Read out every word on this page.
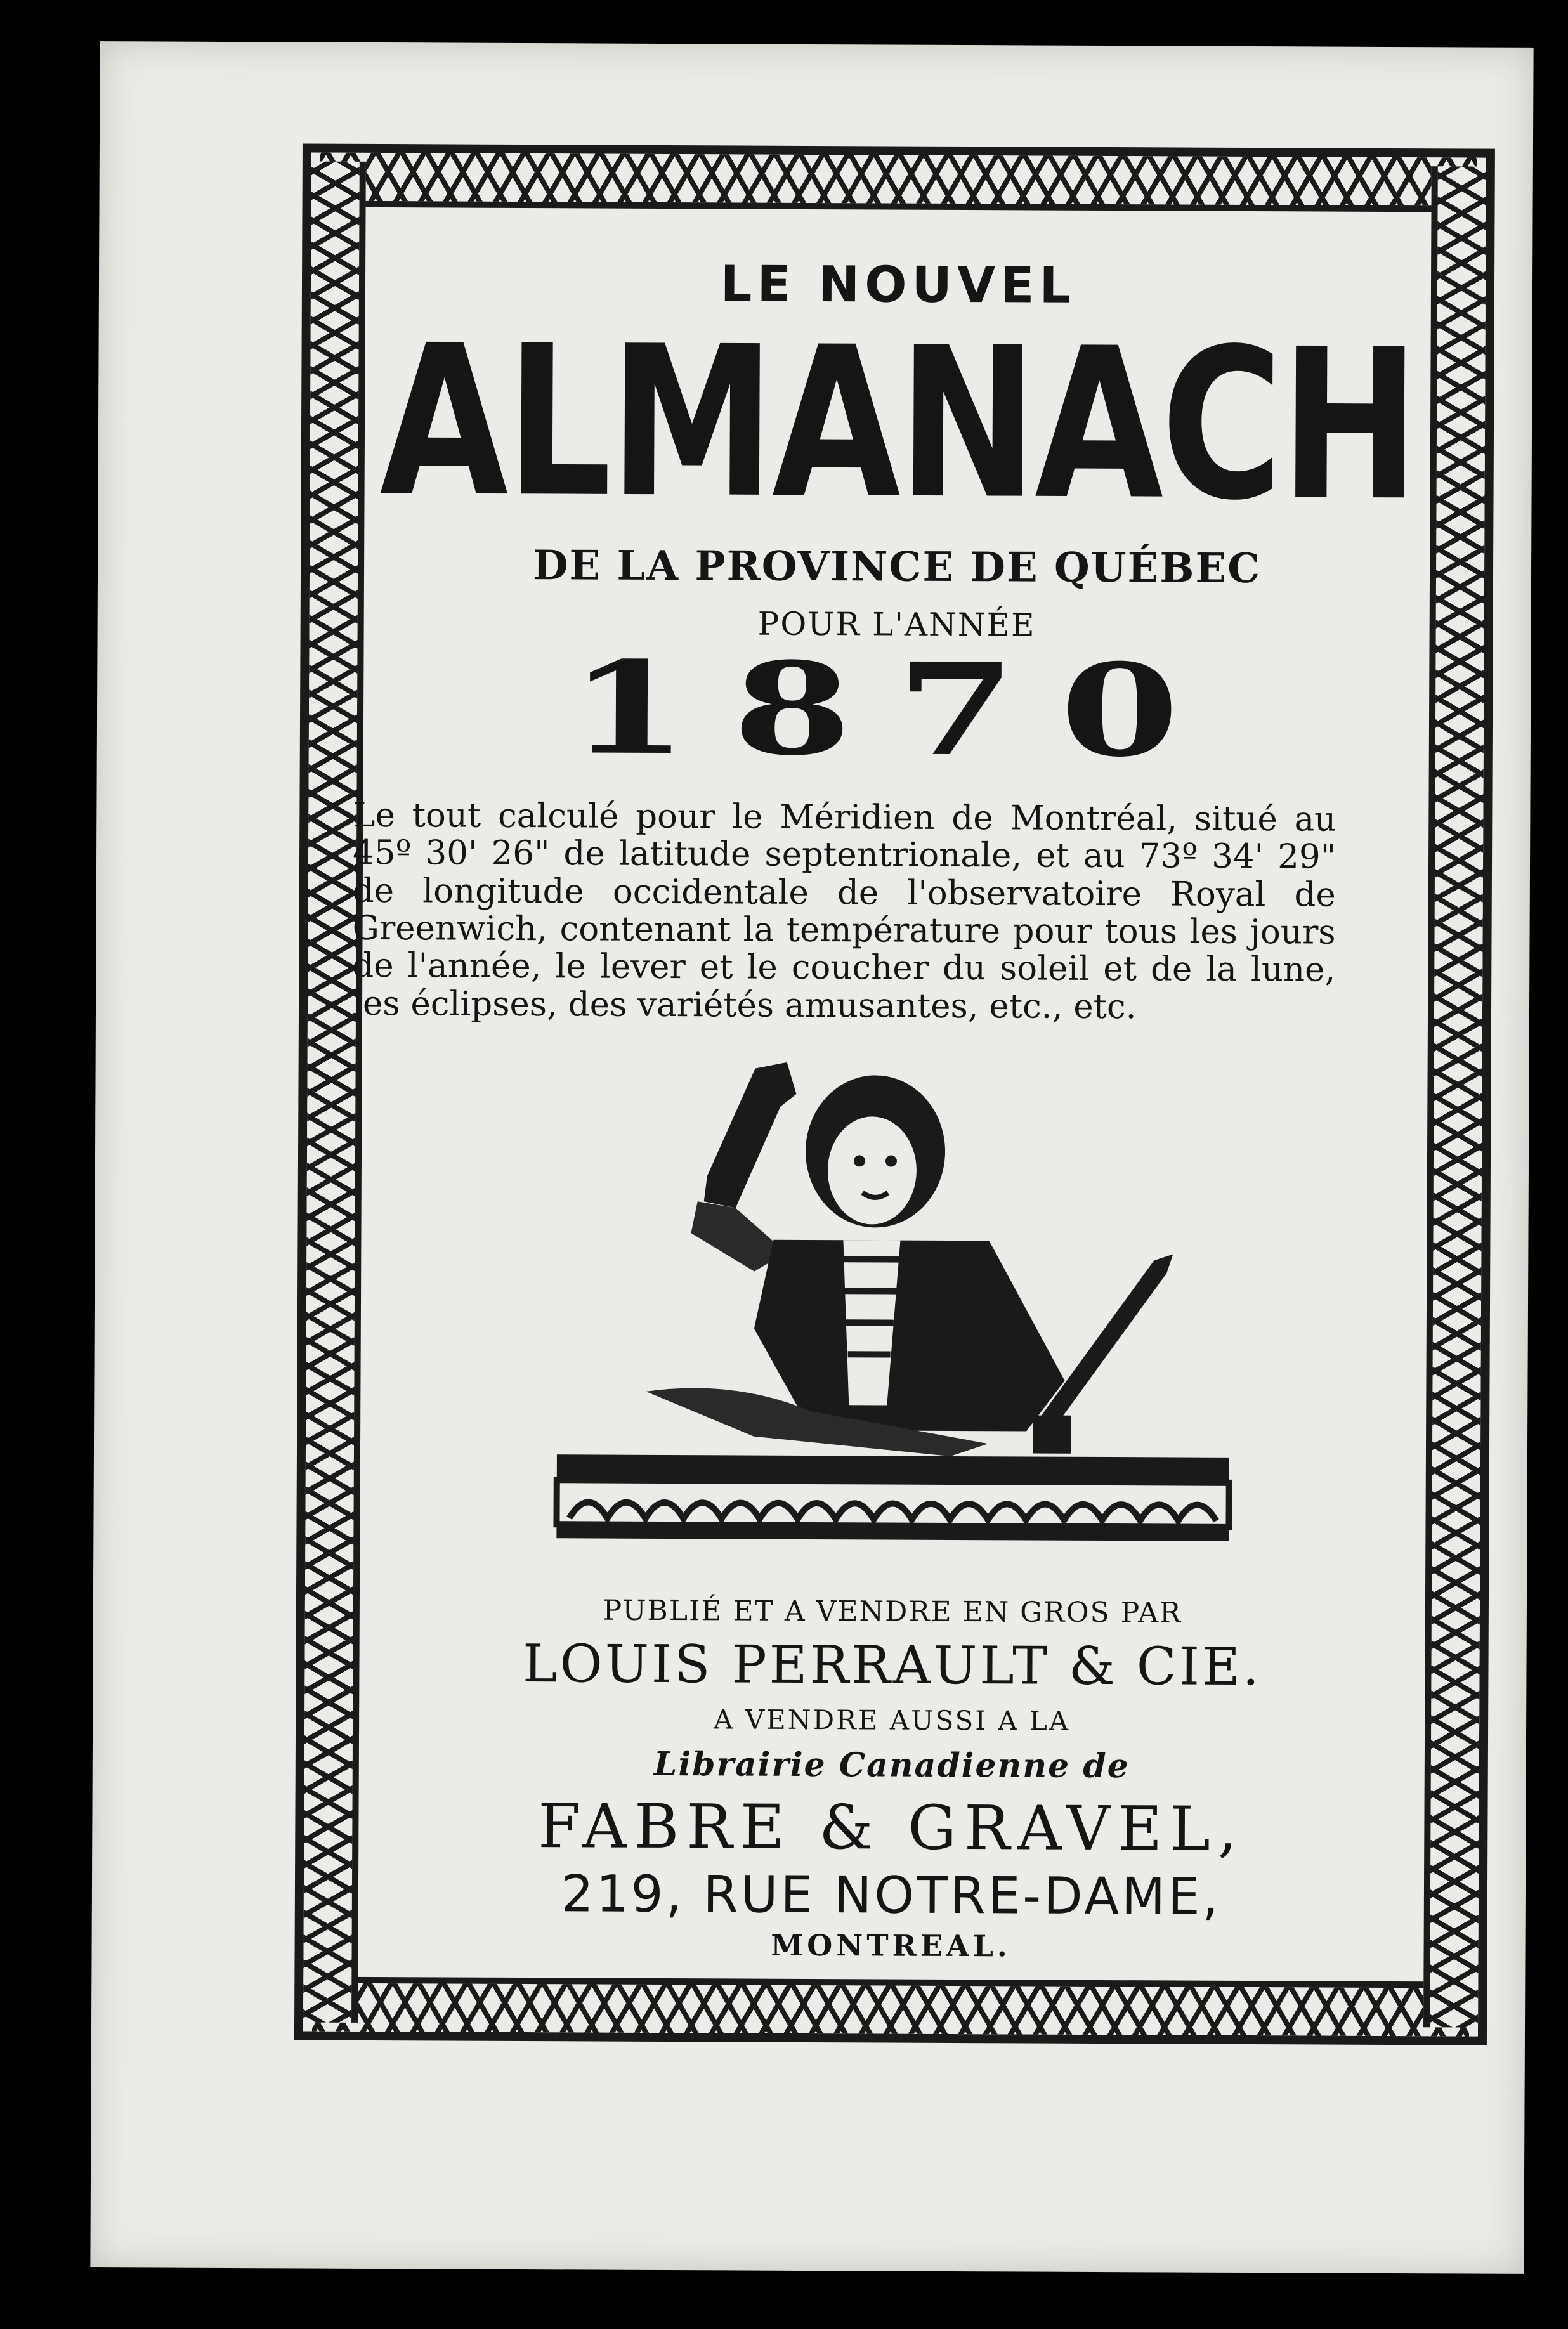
LE NOUVEL
ALMANACH
DE LA PROVINCE DE QUÉBEC
POUR L'ANNÉE
1870
Le tout calculé pour le Méridien de Montréal, situé au 45º 30' 26" de latitude septentrionale, et au 73º 34' 29" de longitude occidentale de l'observatoire Royal de Greenwich, contenant la température pour tous les jours de l'année, le lever et le coucher du soleil et de la lune, les éclipses, des variétés amusantes, etc., etc.
PUBLIÉ ET A VENDRE EN GROS PAR
LOUIS PERRAULT & CIE.
A VENDRE AUSSI A LA
Librairie Canadienne de
FABRE & GRAVEL,
219, RUE NOTRE-DAME,
MONTREAL.
